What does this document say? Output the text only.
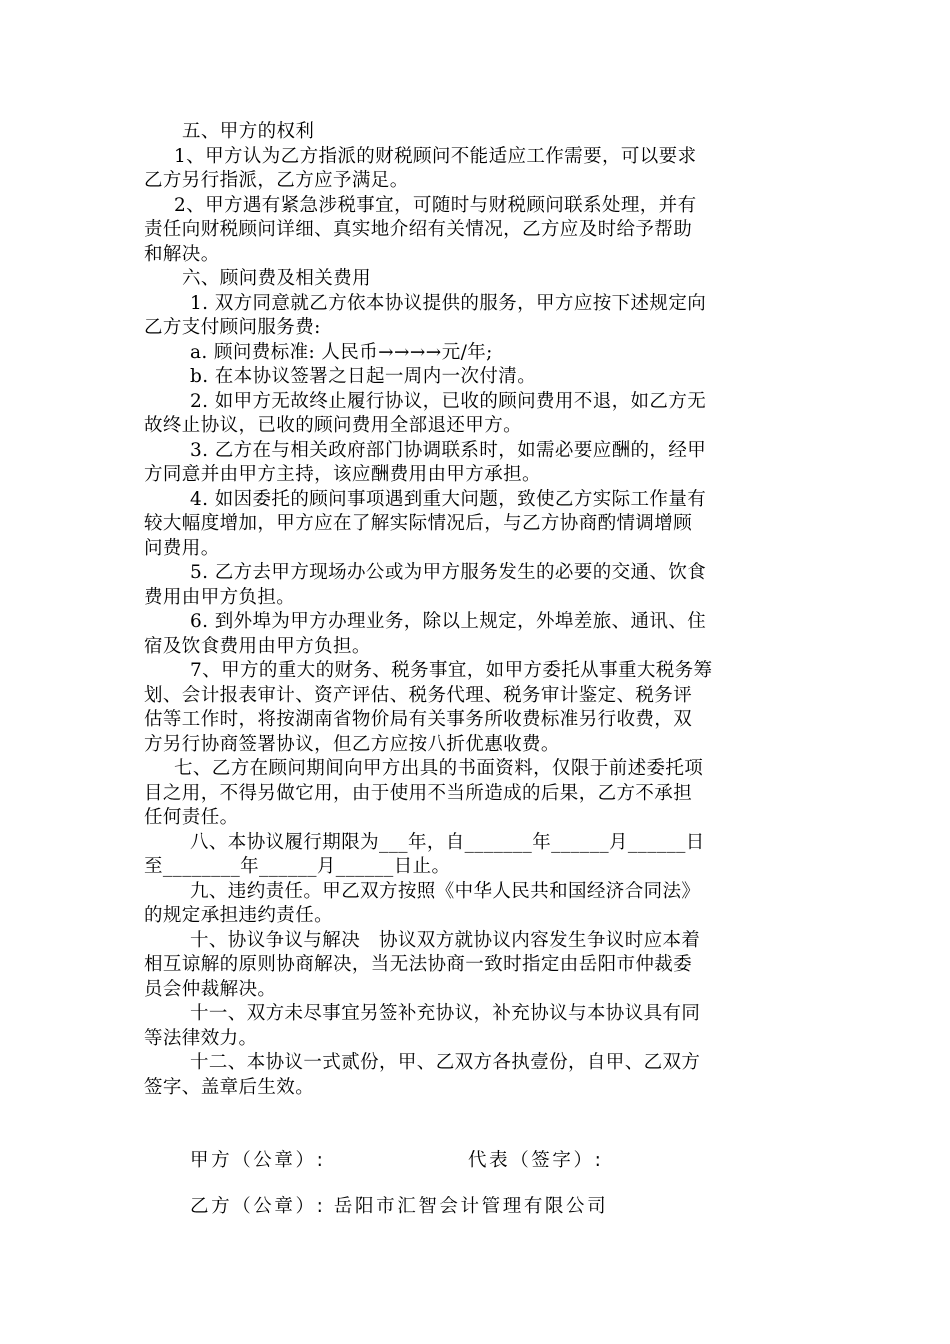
五、甲方的权利
1、甲方认为乙方指派的财税顾问不能适应工作需要，可以要求
乙方另行指派，乙方应予满足。
2、甲方遇有紧急涉税事宜，可随时与财税顾问联系处理，并有
责任向财税顾问详细、真实地介绍有关情况，乙方应及时给予帮助
和解决。
六、顾问费及相关费用
1. 双方同意就乙方依本协议提供的服务，甲方应按下述规定向
乙方支付顾问服务费:
a. 顾问费标准: 人民币→→→→元/年;
b. 在本协议签署之日起一周内一次付清。
2. 如甲方无故终止履行协议，已收的顾问费用不退，如乙方无
故终止协议，已收的顾问费用全部退还甲方。
3. 乙方在与相关政府部门协调联系时，如需必要应酬的，经甲
方同意并由甲方主持，该应酬费用由甲方承担。
4. 如因委托的顾问事项遇到重大问题，致使乙方实际工作量有
较大幅度增加，甲方应在了解实际情况后，与乙方协商酌情调增顾
问费用。
5. 乙方去甲方现场办公或为甲方服务发生的必要的交通、饮食
费用由甲方负担。
6. 到外埠为甲方办理业务，除以上规定，外埠差旅、通讯、住
宿及饮食费用由甲方负担。
7、甲方的重大的财务、税务事宜，如甲方委托从事重大税务筹
划、会计报表审计、资产评估、税务代理、税务审计鉴定、税务评
估等工作时，将按湖南省物价局有关事务所收费标准另行收费，双
方另行协商签署协议，但乙方应按八折优惠收费。
七、乙方在顾问期间向甲方出具的书面资料，仅限于前述委托项
目之用，不得另做它用，由于使用不当所造成的后果，乙方不承担
任何责任。
八、本协议履行期限为___年，自_______年______月______日
至________年______月______日止。
九、违约责任。甲乙双方按照《中华人民共和国经济合同法》
的规定承担违约责任。
十、协议争议与解决　协议双方就协议内容发生争议时应本着
相互谅解的原则协商解决，当无法协商一致时指定由岳阳市仲裁委
员会仲裁解决。
十一、双方未尽事宜另签补充协议，补充协议与本协议具有同
等法律效力。
十二、本协议一式贰份，甲、乙双方各执壹份，自甲、乙双方
签字、盖章后生效。
甲方（公章）:	代表（签字）:
乙方（公章）: 岳阳市汇智会计管理有限公司
